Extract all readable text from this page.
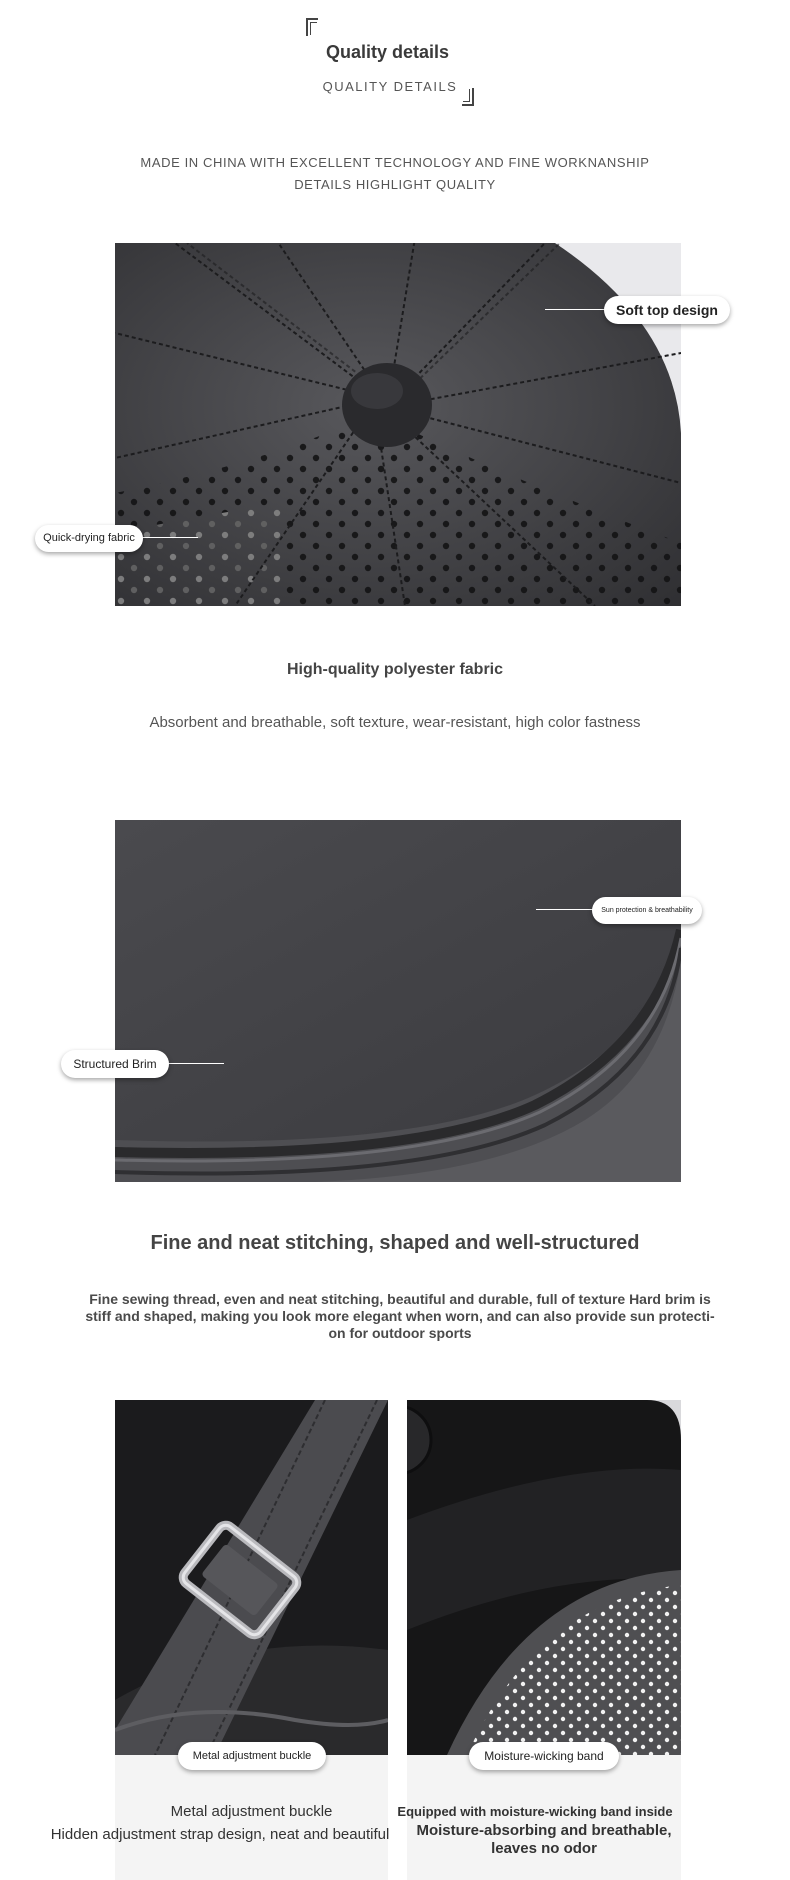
Quality details
QUALITY DETAILS
MADE IN CHINA WITH EXCELLENT TECHNOLOGY AND FINE WORKNANSHIP
DETAILS HIGHLIGHT QUALITY
Soft top design
Quick-drying fabric
High-quality polyester fabric
Absorbent and breathable, soft texture, wear-resistant, high color fastness
Sun protection & breathability
Structured Brim
Fine and neat stitching, shaped and well-structured
Fine sewing thread, even and neat stitching, beautiful and durable, full of texture Hard brim is
stiff and shaped, making you look more elegant when worn, and can also provide sun protecti-
on for outdoor sports
Metal adjustment buckle
Metal adjustment buckle
Hidden adjustment strap design, neat and beautiful
Moisture-wicking band
Equipped with moisture-wicking band inside
Moisture-absorbing and breathable,
leaves no odor
